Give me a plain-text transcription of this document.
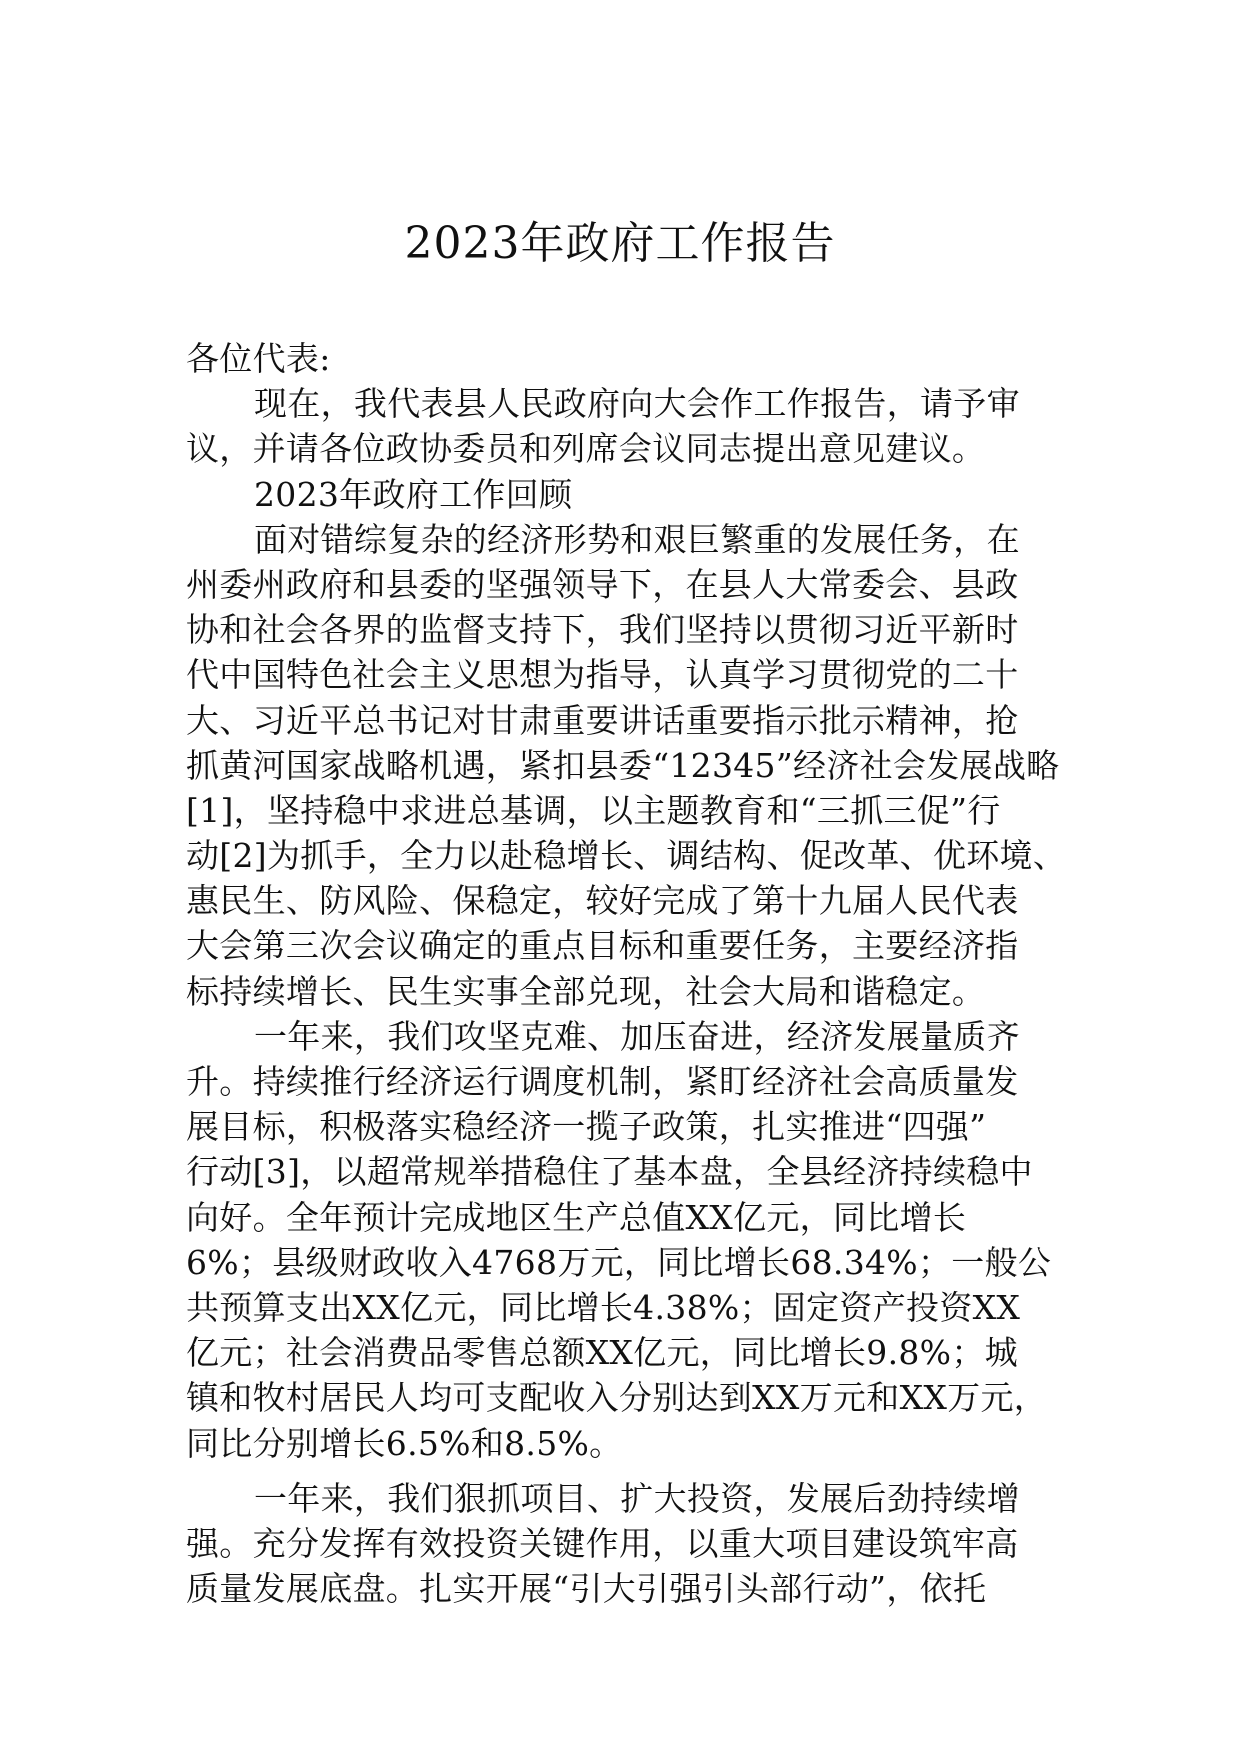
2023年政府工作报告
各位代表:
现在，我代表县人民政府向大会作工作报告，请予审
议，并请各位政协委员和列席会议同志提出意见建议。
2023年政府工作回顾
面对错综复杂的经济形势和艰巨繁重的发展任务，在
州委州政府和县委的坚强领导下，在县人大常委会、县政
协和社会各界的监督支持下，我们坚持以贯彻习近平新时
代中国特色社会主义思想为指导，认真学习贯彻党的二十
大、习近平总书记对甘肃重要讲话重要指示批示精神，抢
抓黄河国家战略机遇，紧扣县委“12345”经济社会发展战略
[1]，坚持稳中求进总基调，以主题教育和“三抓三促”行
动[2]为抓手，全力以赴稳增长、调结构、促改革、优环境、
惠民生、防风险、保稳定，较好完成了第十九届人民代表
大会第三次会议确定的重点目标和重要任务，主要经济指
标持续增长、民生实事全部兑现，社会大局和谐稳定。
一年来，我们攻坚克难、加压奋进，经济发展量质齐
升。持续推行经济运行调度机制，紧盯经济社会高质量发
展目标，积极落实稳经济一揽子政策，扎实推进“四强”
行动[3]，以超常规举措稳住了基本盘，全县经济持续稳中
向好。全年预计完成地区生产总值XX亿元，同比增长
6%；县级财政收入4768万元，同比增长68.34%；一般公
共预算支出XX亿元，同比增长4.38%；固定资产投资XX
亿元；社会消费品零售总额XX亿元，同比增长9.8%；城
镇和牧村居民人均可支配收入分别达到XX万元和XX万元，
同比分别增长6.5%和8.5%。
一年来，我们狠抓项目、扩大投资，发展后劲持续增
强。充分发挥有效投资关键作用，以重大项目建设筑牢高
质量发展底盘。扎实开展“引大引强引头部行动”，依托
